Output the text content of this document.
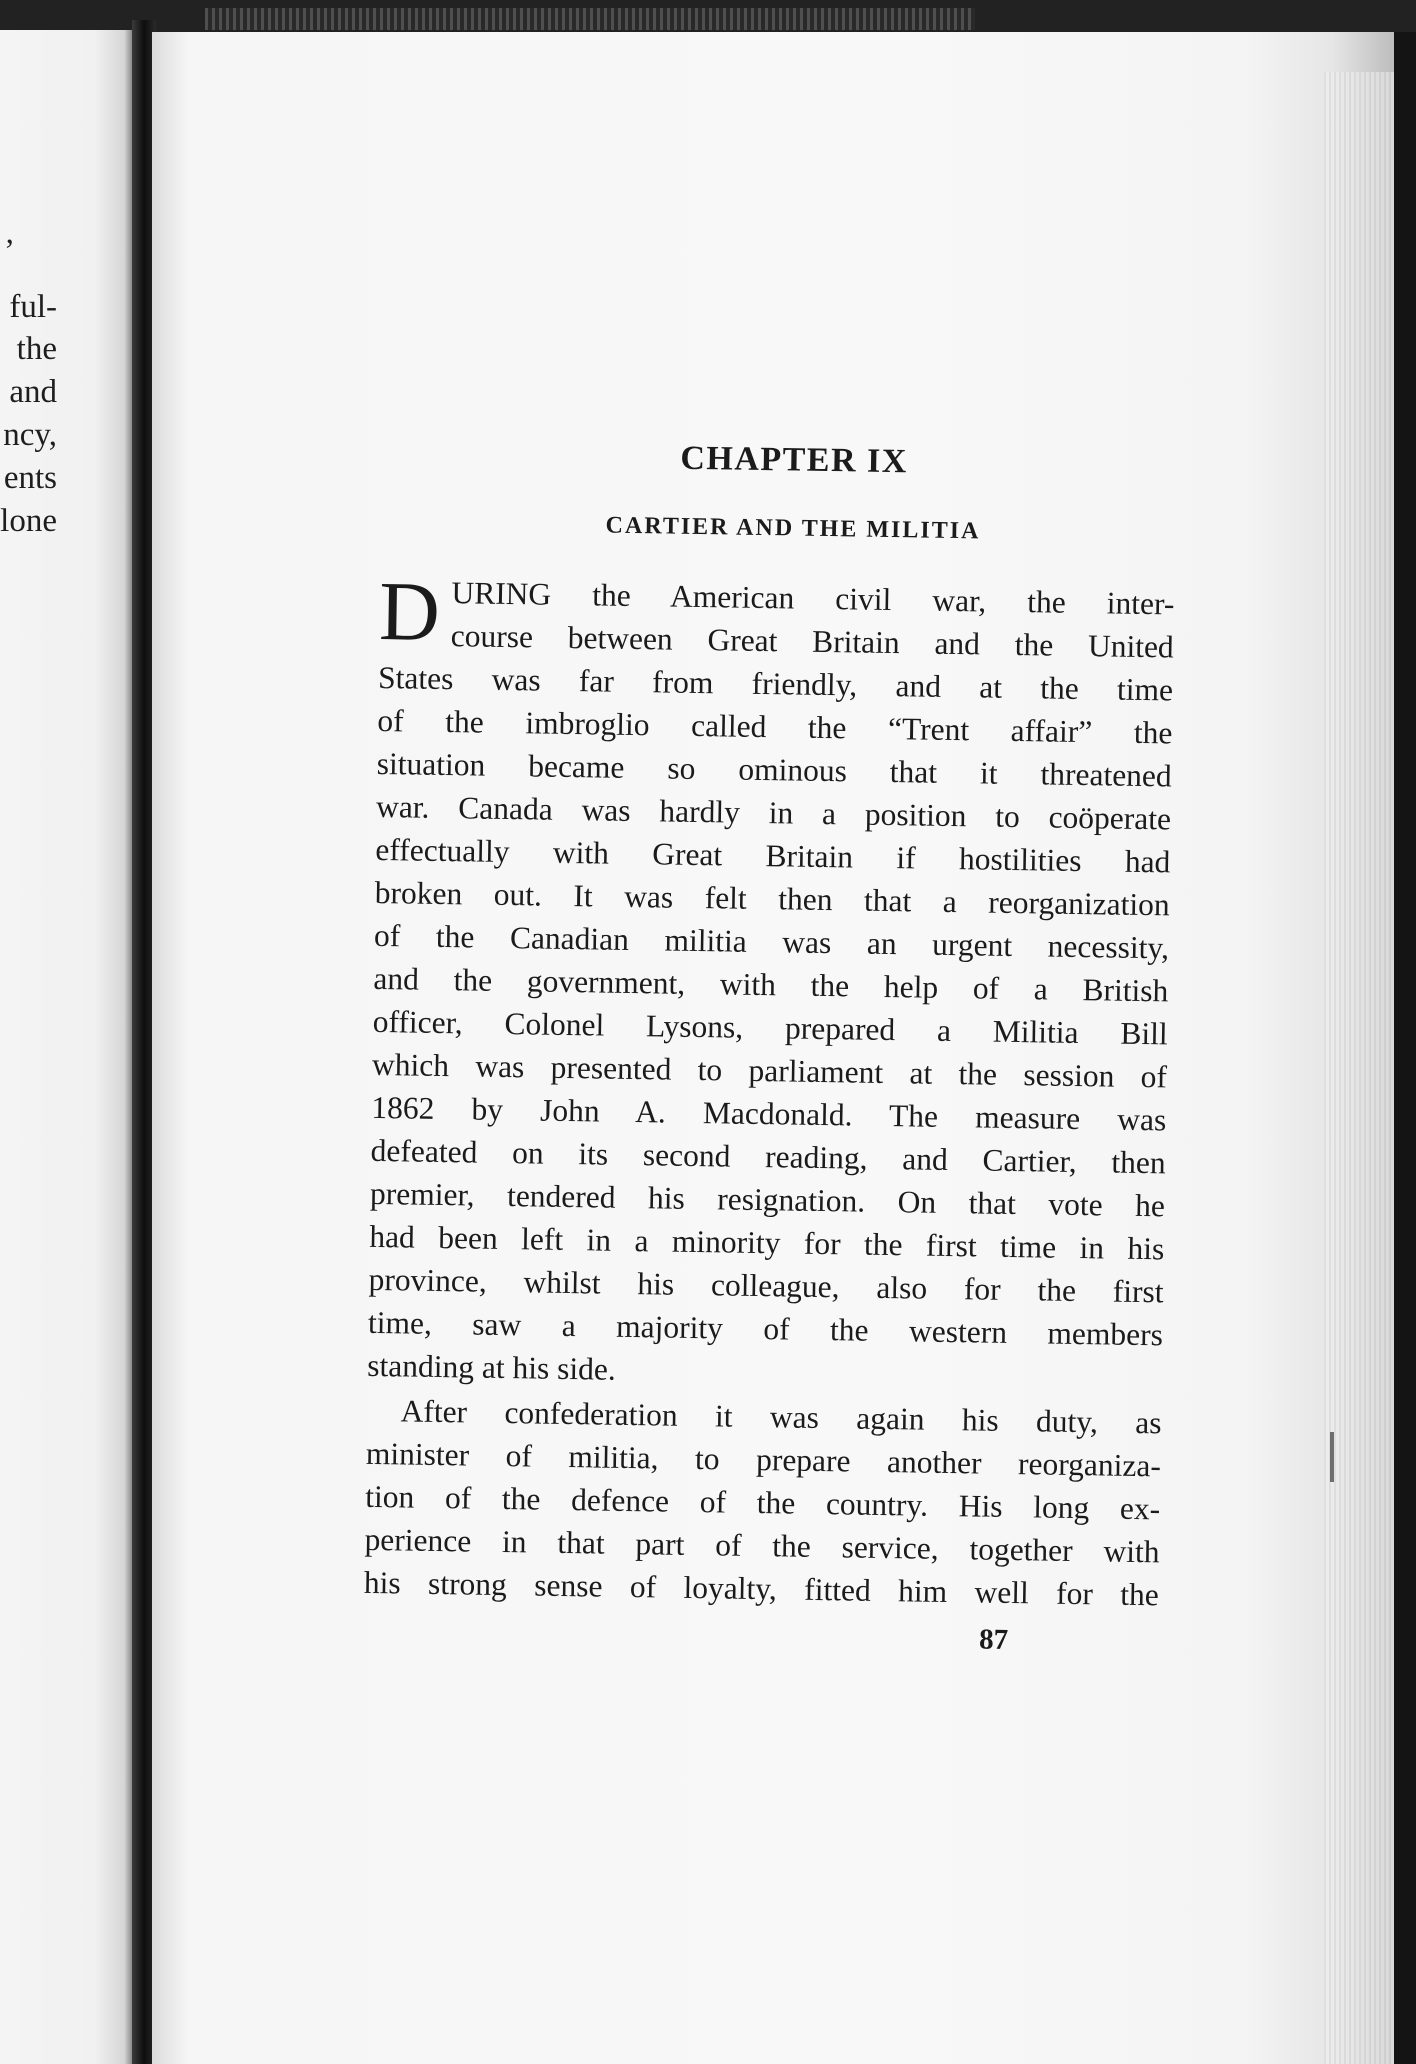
’

ful-

the

and

ncy,

ents

lone

CHAPTER IX
CARTIER AND THE MILITIA
D URING the American civil war, the inter-
course between Great Britain and the United
States was far from friendly, and at the time
of the imbroglio called the “Trent affair” the
situation became so ominous that it threatened
war. Canada was hardly in a position to coöperate
effectually with Great Britain if hostilities had
broken out. It was felt then that a reorganization
of the Canadian militia was an urgent necessity,
and the government, with the help of a British
officer, Colonel Lysons, prepared a Militia Bill
which was presented to parliament at the session of
1862 by John A. Macdonald. The measure was
defeated on its second reading, and Cartier, then
premier, tendered his resignation. On that vote he
had been left in a minority for the first time in his
province, whilst his colleague, also for the first
time, saw a majority of the western members
standing at his side.
After confederation it was again his duty, as
minister of militia, to prepare another reorganiza-
tion of the defence of the country. His long ex-
perience in that part of the service, together with
his strong sense of loyalty, fitted him well for the
87
